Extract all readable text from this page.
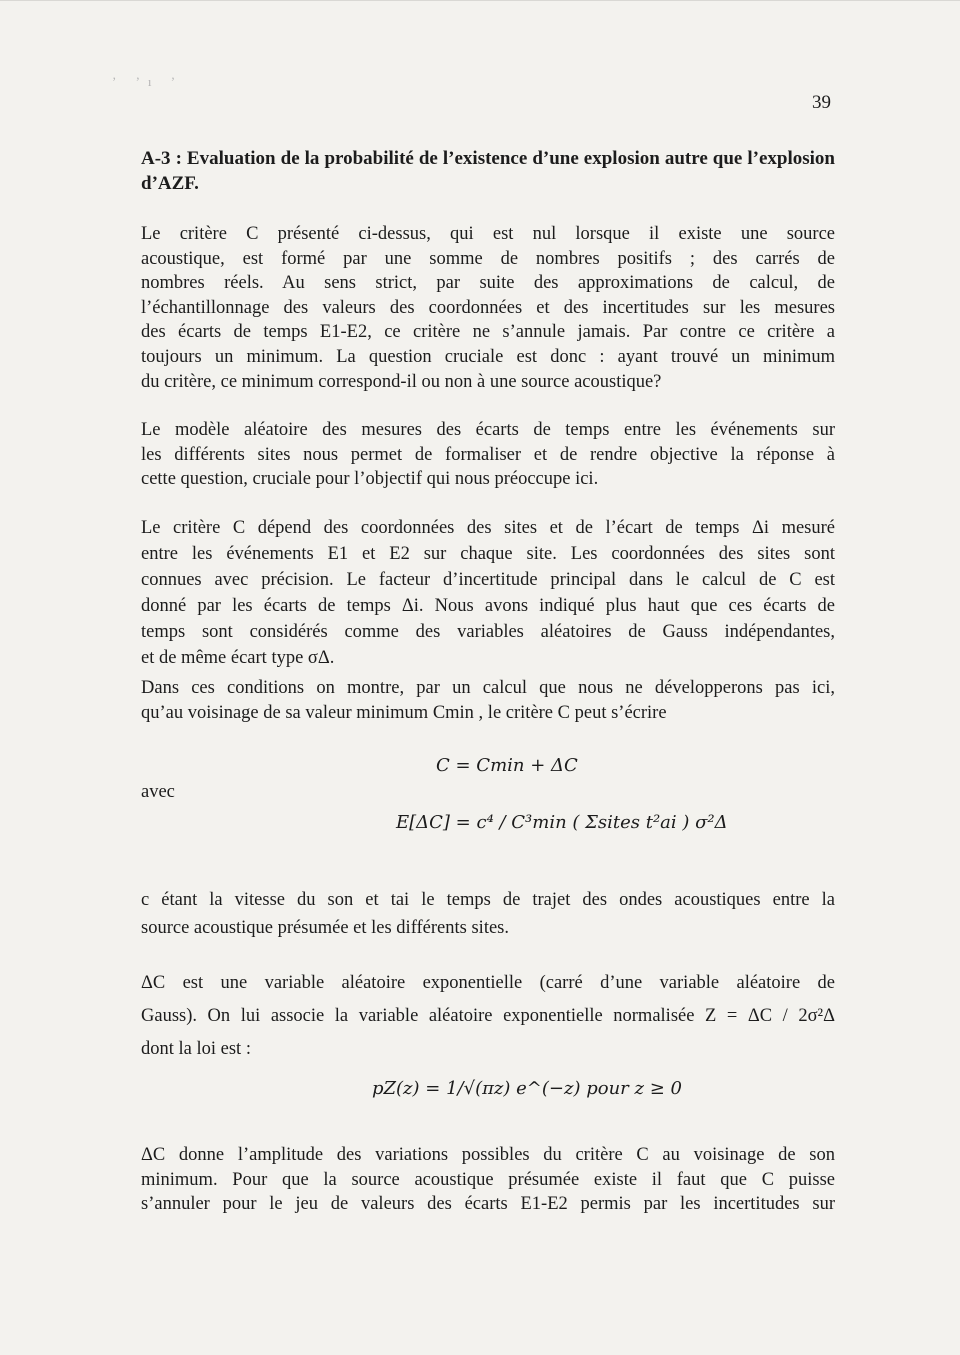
ʼ ʼı ʼ
39
A-3 : Evaluation de la probabilité de l’existence d’une explosion autre que l’explosion d’AZF.

Le critère C présenté ci-dessus, qui est nul lorsque il existe une source
acoustique, est formé par une somme de nombres positifs ; des carrés de
nombres réels. Au sens strict, par suite des approximations de calcul, de
l’échantillonnage des valeurs des coordonnées et des incertitudes sur les mesures
des écarts de temps E1-E2, ce critère ne s’annule jamais. Par contre ce critère a
toujours un minimum. La question cruciale est donc : ayant trouvé un minimum
du critère, ce minimum correspond-il ou non à une source acoustique?

Le modèle aléatoire des mesures des écarts de temps entre les événements sur
les différents sites nous permet de formaliser et de rendre objective la réponse à
cette question, cruciale pour l’objectif qui nous préoccupe ici.

Le critère C dépend des coordonnées des sites et de l’écart de temps Δi mesuré
entre les événements E1 et E2 sur chaque site. Les coordonnées des sites sont
connues avec précision. Le facteur d’incertitude principal dans le calcul de C est
donné par les écarts de temps Δi. Nous avons indiqué plus haut que ces écarts de
temps sont considérés comme des variables aléatoires de Gauss indépendantes,
et de même écart type σΔ.

Dans ces conditions on montre, par un calcul que nous ne développerons pas ici,
qu’au voisinage de sa valeur minimum Cmin , le critère C peut s’écrire

C = Cmin + ΔC
avec
E[ΔC] = c⁴ / C³min ( Σsites t²ai ) σ²Δ

c étant la vitesse du son et tai le temps de trajet des ondes acoustiques entre la
source acoustique présumée et les différents sites.

ΔC est une variable aléatoire exponentielle (carré d’une variable aléatoire de
Gauss). On lui associe la variable aléatoire exponentielle normalisée Z = ΔC / 2σ²Δ
dont la loi est :

pZ(z) = 1/√(πz) e^(−z) pour z ≥ 0

ΔC donne l’amplitude des variations possibles du critère C au voisinage de son
minimum. Pour que la source acoustique présumée existe il faut que C puisse
s’annuler pour le jeu de valeurs des écarts E1-E2 permis par les incertitudes sur
